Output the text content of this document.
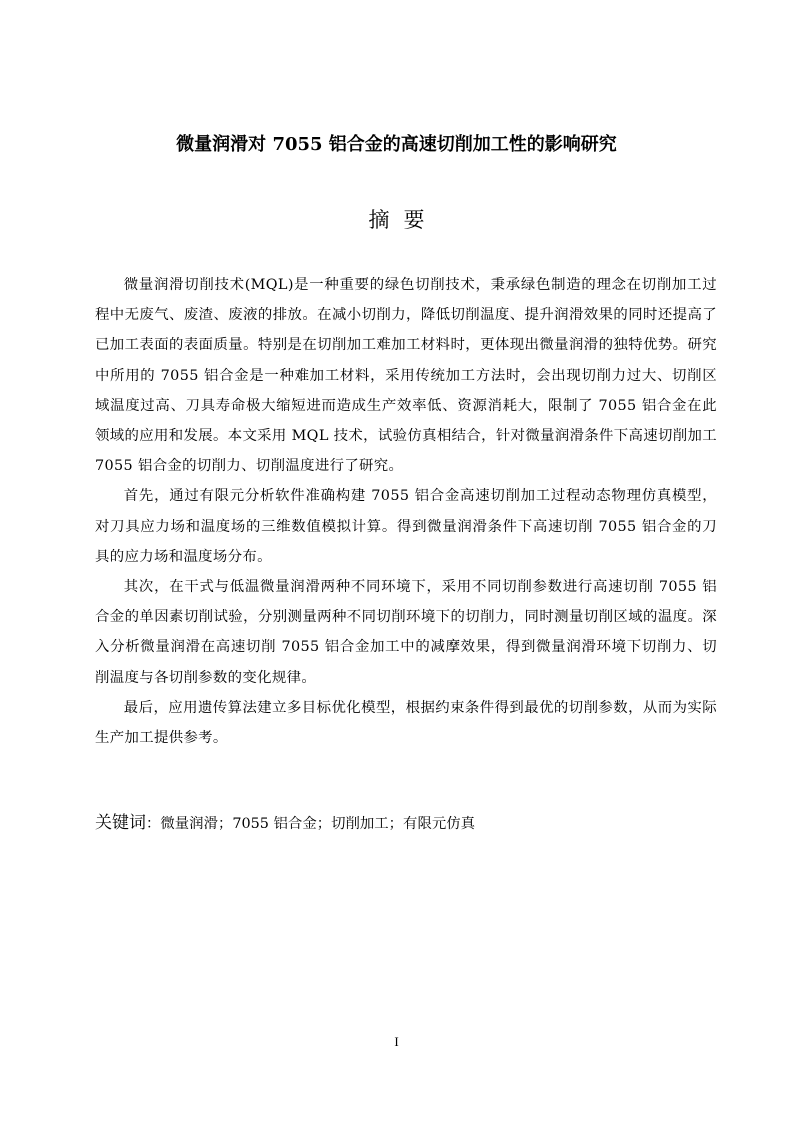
微量润滑对 7055 铝合金的高速切削加工性的影响研究
摘要

微量润滑切削技术(MQL)是一种重要的绿色切削技术，秉承绿色制造的理念在切削加工过程中无废气、废渣、废液的排放。在减小切削力，降低切削温度、提升润滑效果的同时还提高了已加工表面的表面质量。特别是在切削加工难加工材料时，更体现出微量润滑的独特优势。研究中所用的 7055 铝合金是一种难加工材料，采用传统加工方法时，会出现切削力过大、切削区域温度过高、刀具寿命极大缩短进而造成生产效率低、资源消耗大，限制了 7055 铝合金在此领域的应用和发展。本文采用 MQL 技术，试验仿真相结合，针对微量润滑条件下高速切削加工 7055 铝合金的切削力、切削温度进行了研究。

首先，通过有限元分析软件准确构建 7055 铝合金高速切削加工过程动态物理仿真模型，对刀具应力场和温度场的三维数值模拟计算。得到微量润滑条件下高速切削 7055 铝合金的刀具的应力场和温度场分布。

其次，在干式与低温微量润滑两种不同环境下，采用不同切削参数进行高速切削 7055 铝合金的单因素切削试验，分别测量两种不同切削环境下的切削力，同时测量切削区域的温度。深入分析微量润滑在高速切削 7055 铝合金加工中的减摩效果，得到微量润滑环境下切削力、切削温度与各切削参数的变化规律。

最后，应用遗传算法建立多目标优化模型，根据约束条件得到最优的切削参数，从而为实际生产加工提供参考。

关键词：微量润滑；7055 铝合金；切削加工；有限元仿真
I
